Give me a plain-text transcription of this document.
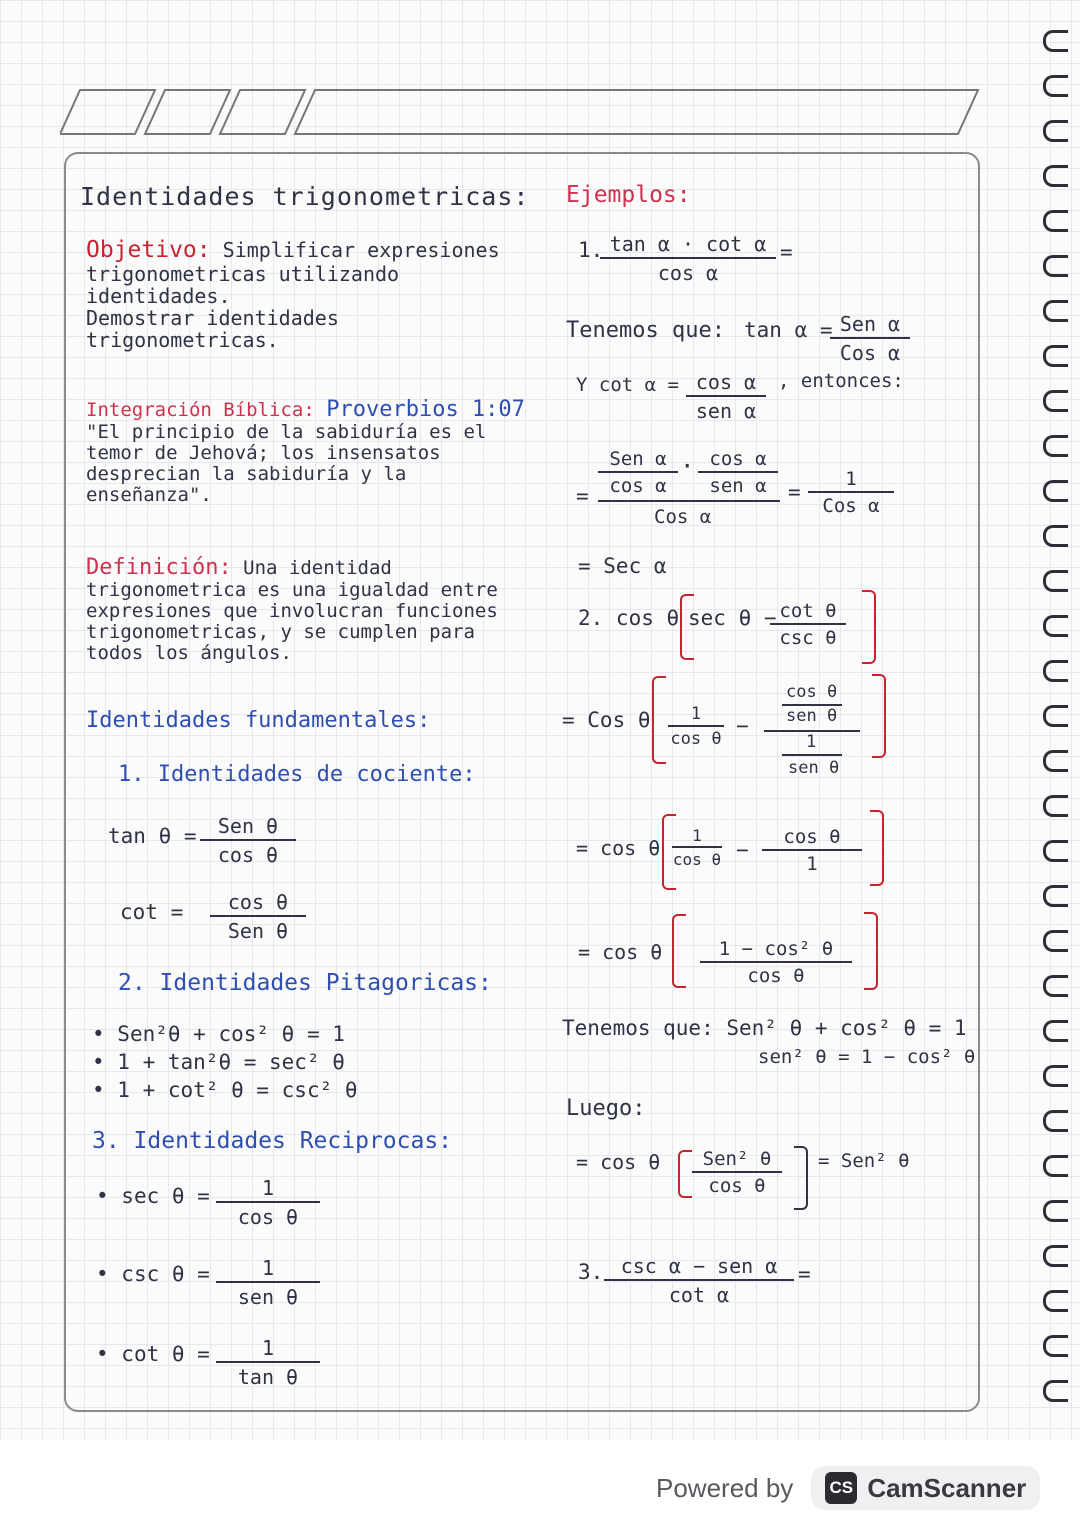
Identidades trigonometricas:
Objetivo: Simplificar expresiones trigonometricas utilizando identidades.
Demostrar identidades trigonometricas.
Integración Bíblica: Proverbios 1:07
"El principio de la sabiduría es el temor de Jehová; los insensatos desprecian la sabiduría y la enseñanza".
Definición: Una identidad trigonometrica es una igualdad entre expresiones que involucran funciones trigonometricas, y se cumplen para todos los ángulos.
Identidades fundamentales:
1. Identidades de cociente:
tan θ =	Sen θ
cos θ
cot =	cos θ
Sen θ
2. Identidades Pitagoricas:
• Sen²θ + cos² θ = 1
• 1 + tan²θ = sec² θ
• 1 + cot² θ = csc² θ
3. Identidades Reciprocas:
• $\sec \theta = \frac{1}{\text{cos θ}}$
• csc θ =	1
sen θ
• $\cot \theta = \frac{1}{\text{tan θ}}$
Ejemplos:
1.
$\frac{\text{tan α · cot α}}{\text{cos α}}$ =
Tenemos que: tan α = Sen α
Cos α
Y cot α = cos α
sen α
, entonces:
=
Sen α
cos α
· cos α
sen α
Cos α
=
1
Cos α
= Sec α
2. cos θ sec θ − cot θ
csc θ
= Cos θ $\frac{1}{\text{cos θ}}$ −
cos θ
sen θ
1
sen θ
= cos θ $\frac{1}{\text{cos θ}} - \frac{\text{cos θ}}{1}$
= cos θ $\frac{\text{1 − cos² θ}}{\text{cos θ}}$
Tenemos que: Sen² θ + cos² θ = 1
sen² θ = 1 − cos² θ
Luego:
= cos θ	Sen² θ
cos θ
= Sen² θ
3. csc α − sen α
cot α
=
Powered by CS CamScanner
